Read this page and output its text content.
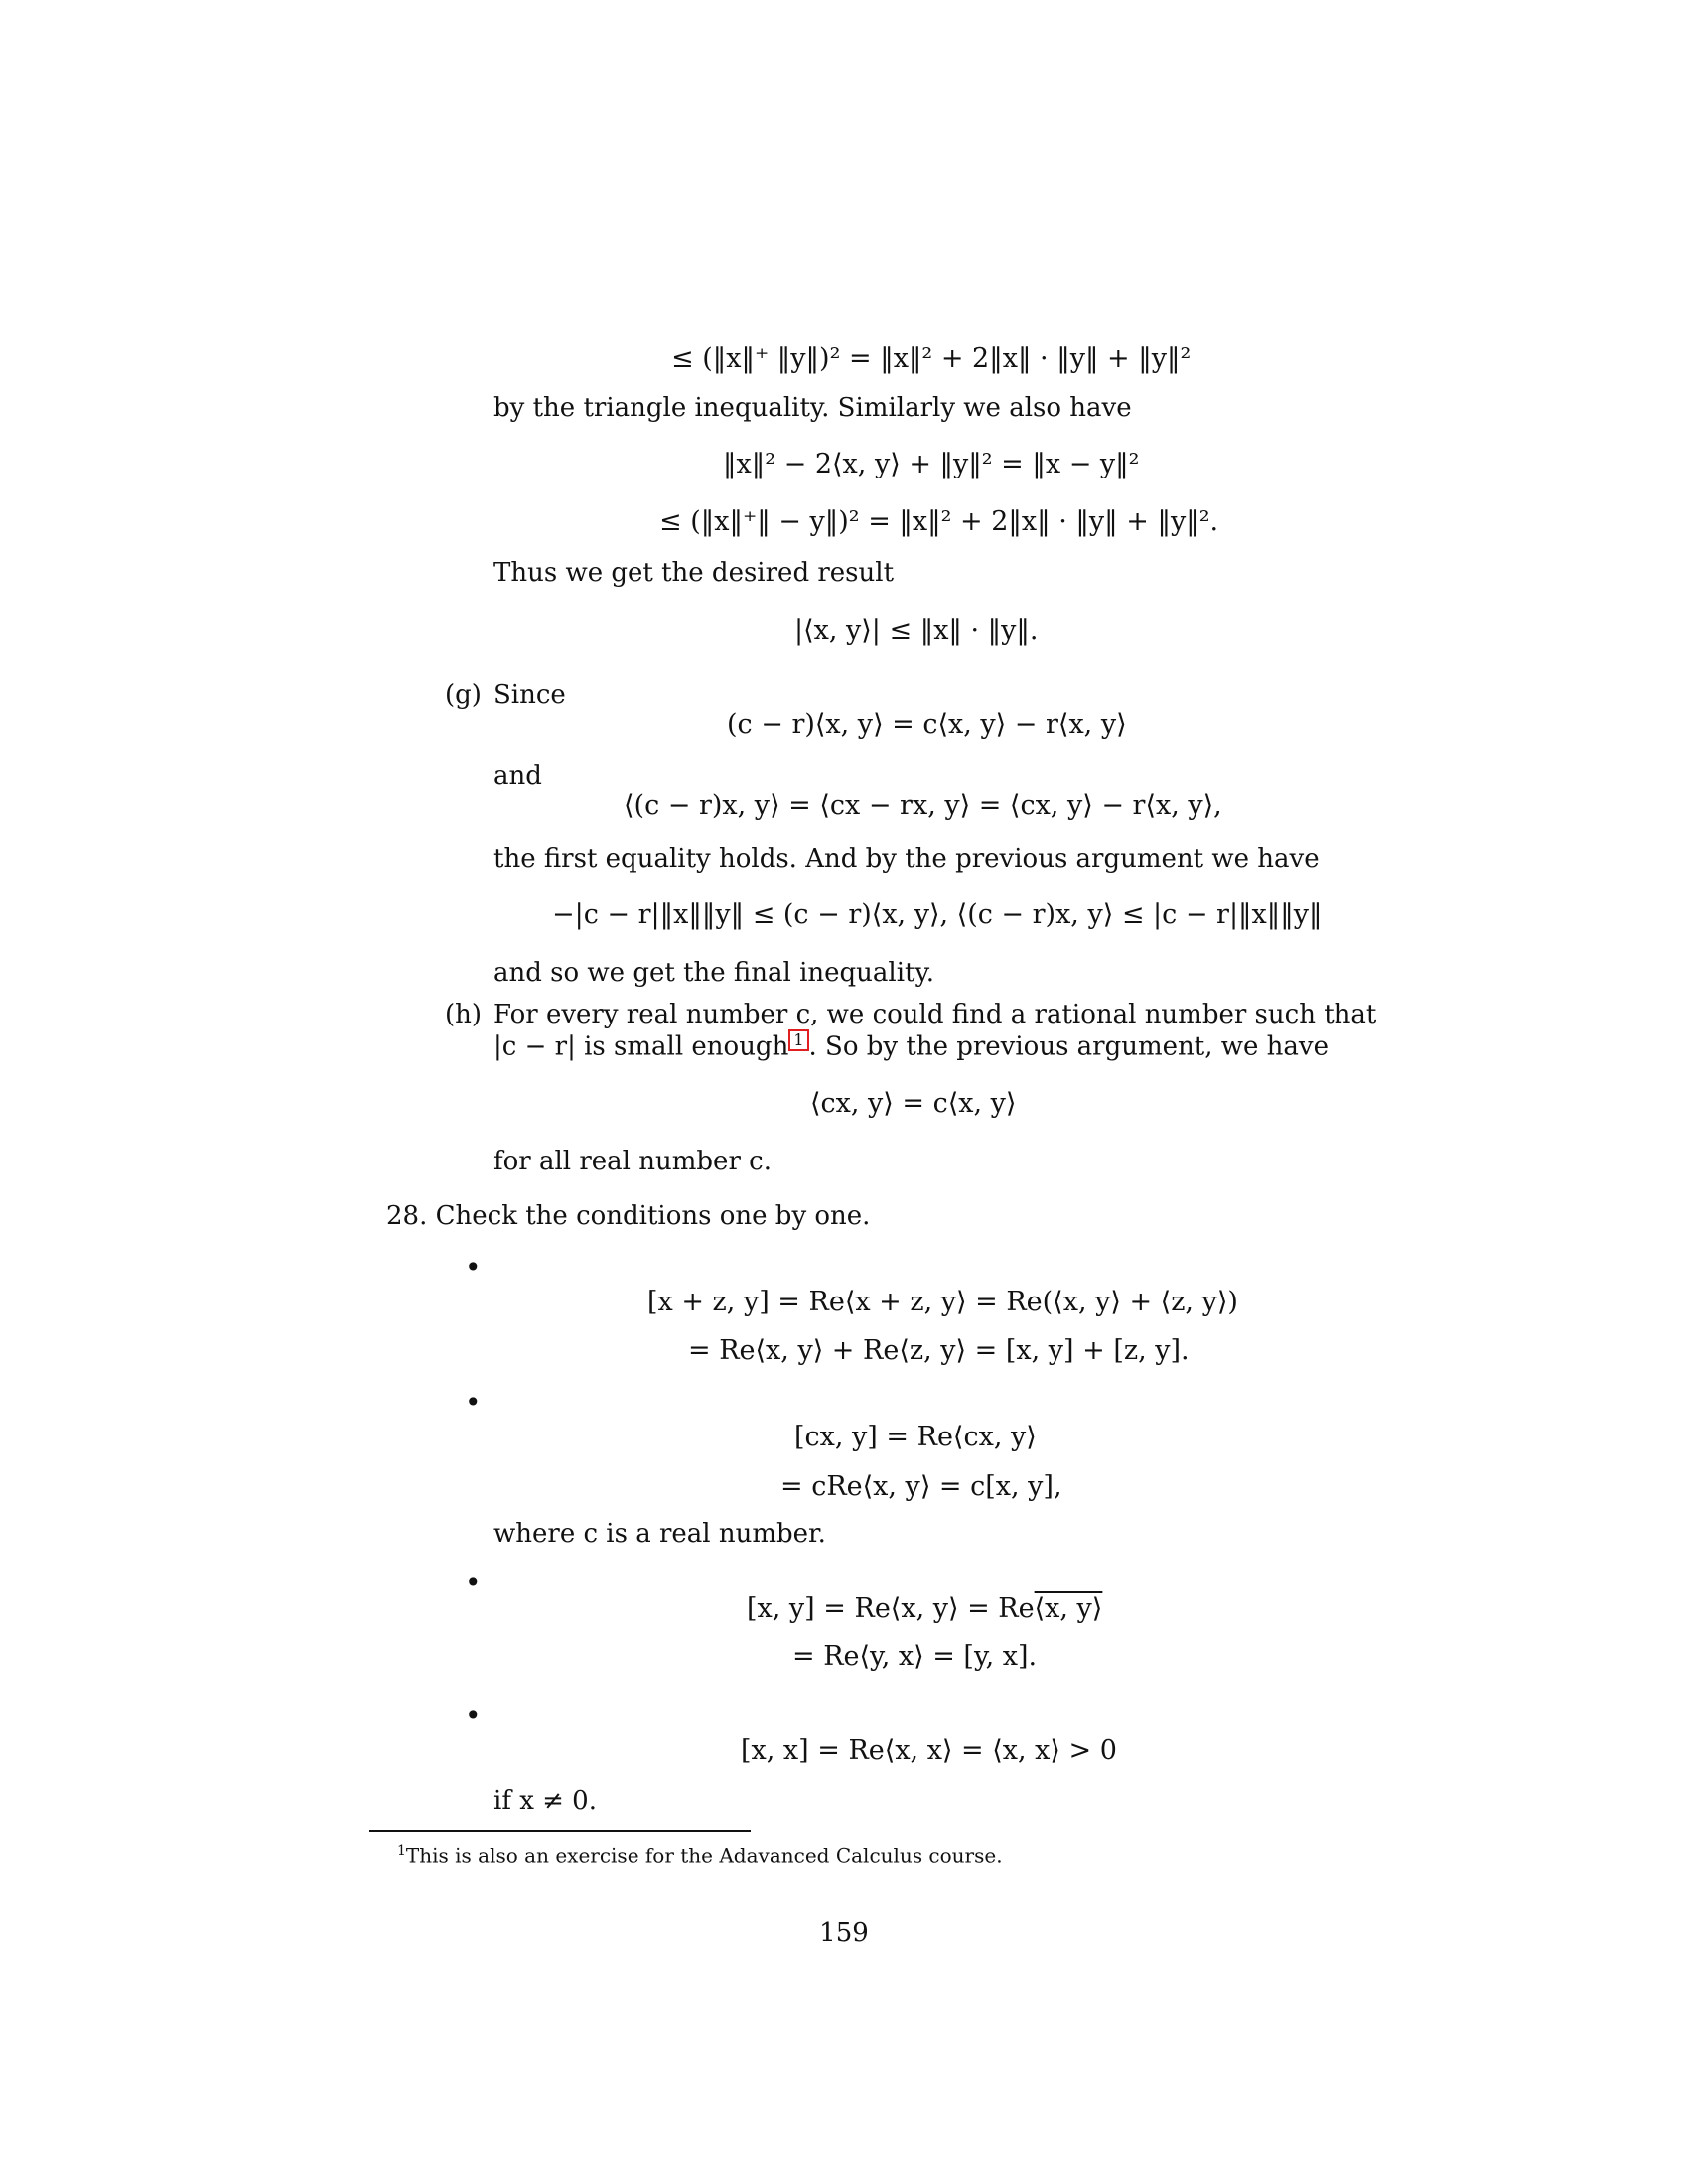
≤ (‖x‖⁺ ‖y‖)² = ‖x‖² + 2‖x‖ · ‖y‖ + ‖y‖²
by the triangle inequality. Similarly we also have
‖x‖² − 2⟨x, y⟩ + ‖y‖² = ‖x − y‖²
≤ (‖x‖⁺‖ − y‖)² = ‖x‖² + 2‖x‖ · ‖y‖ + ‖y‖².
Thus we get the desired result
|⟨x, y⟩| ≤ ‖x‖ · ‖y‖.
(g) Since
(c − r)⟨x, y⟩ = c⟨x, y⟩ − r⟨x, y⟩
and
⟨(c − r)x, y⟩ = ⟨cx − rx, y⟩ = ⟨cx, y⟩ − r⟨x, y⟩,
the first equality holds. And by the previous argument we have
−|c − r|‖x‖‖y‖ ≤ (c − r)⟨x, y⟩, ⟨(c − r)x, y⟩ ≤ |c − r|‖x‖‖y‖
and so we get the final inequality.
(h) For every real number c, we could find a rational number such that
|c − r| is small enough 1 . So by the previous argument, we have
⟨cx, y⟩ = c⟨x, y⟩
for all real number c.
28. Check the conditions one by one.
•
[x + z, y] = Re⟨x + z, y⟩ = Re(⟨x, y⟩ + ⟨z, y⟩)
= Re⟨x, y⟩ + Re⟨z, y⟩ = [x, y] + [z, y].
•
[cx, y] = Re⟨cx, y⟩
= cRe⟨x, y⟩ = c[x, y],
where c is a real number.
•
[x, y] = Re⟨x, y⟩ = Re⟨x, y⟩
= Re⟨y, x⟩ = [y, x].
•
[x, x] = Re⟨x, x⟩ = ⟨x, x⟩ > 0
if x ≠ 0.
$^1$This is also an exercise for the Adavanced Calculus course.
159
